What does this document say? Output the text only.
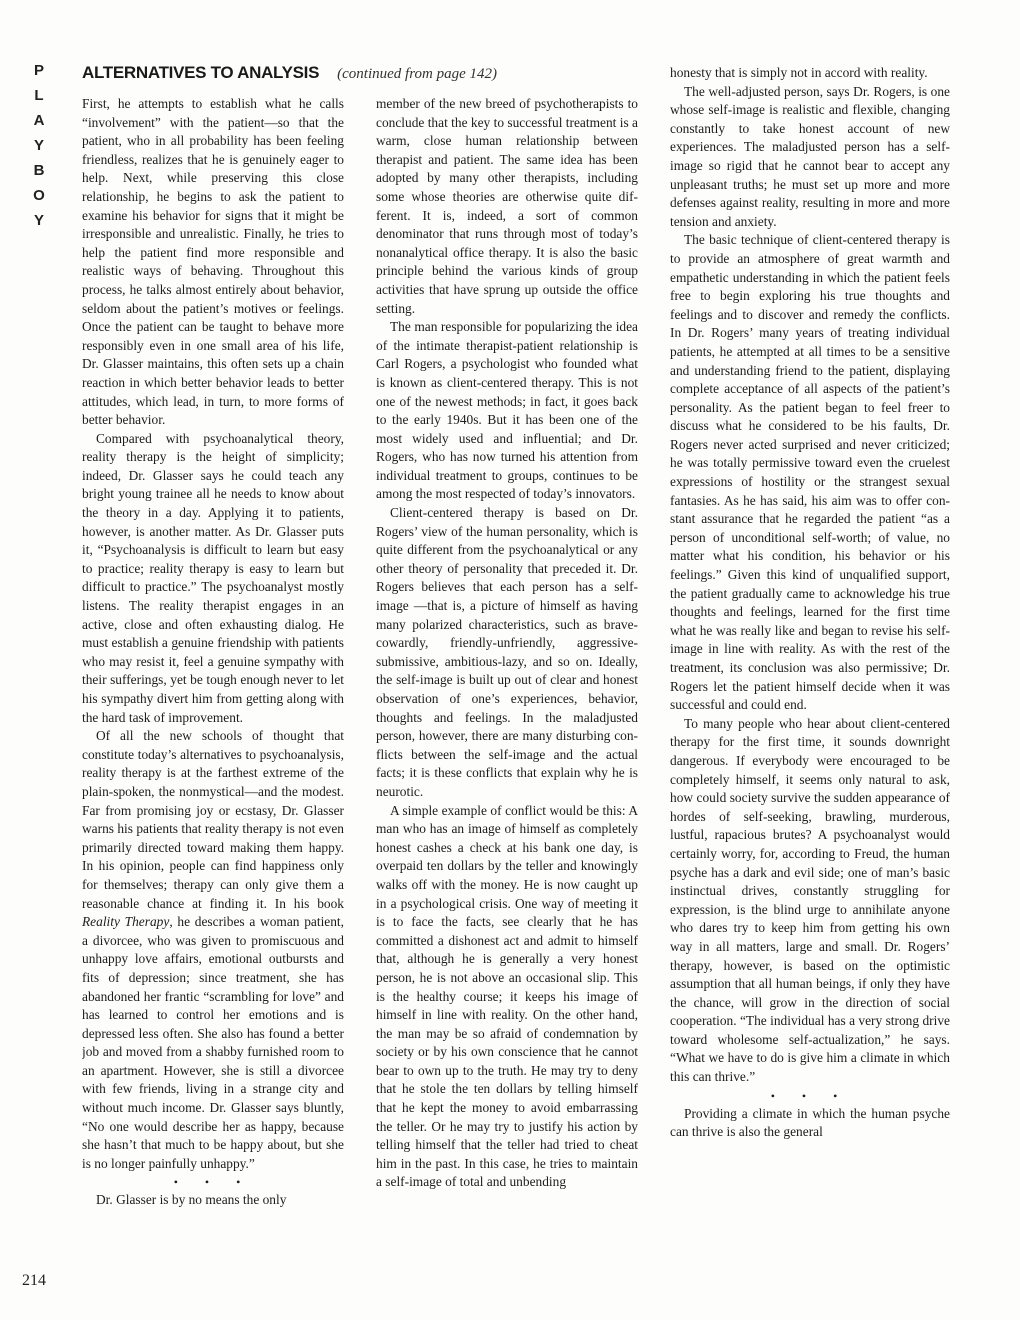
P
L
A
Y
B
O
Y
ALTERNATIVES TO ANALYSIS (continued from page 142)

First, he attempts to establish what he calls “involvement” with the patient—so that the patient, who in all probability has been feeling friendless, realizes that he is genuinely eager to help. Next, while preserving this close relationship, he begins to ask the patient to examine his behavior for signs that it might be irresponsible and unrealistic. Finally, he tries to help the patient find more responsible and realistic ways of behaving. Throughout this process, he talks almost entirely about behavior, seldom about the patient’s motives or feelings. Once the patient can be taught to behave more responsibly even in one small area of his life, Dr. Glasser maintains, this often sets up a chain reaction in which better behavior leads to better attitudes, which lead, in turn, to more forms of better behavior.

Compared with psychoanalytical theory, reality therapy is the height of simplicity; indeed, Dr. Glasser says he could teach any bright young trainee all he needs to know about the theory in a day. Applying it to patients, however, is another matter. As Dr. Glasser puts it, “Psychoanalysis is difficult to learn but easy to practice; reality therapy is easy to learn but difficult to practice.” The psychoanalyst mostly listens. The reality therapist engages in an active, close and often exhausting dialog. He must establish a genuine friendship with patients who may resist it, feel a genuine sympathy with their sufferings, yet be tough enough never to let his sympathy divert him from getting along with the hard task of improvement.

Of all the new schools of thought that constitute today’s alternatives to psychoanalysis, reality therapy is at the farthest extreme of the plain-spoken, the nonmystical—and the modest. Far from promising joy or ecstasy, Dr. Glasser warns his patients that reality therapy is not even primarily directed toward making them happy. In his opinion, people can find happiness only for themselves; therapy can only give them a reasonable chance at finding it. In his book Reality Therapy, he describes a woman patient, a divorcee, who was given to promiscuous and unhappy love affairs, emotional outbursts and fits of depression; since treatment, she has abandoned her frantic “scrambling for love” and has learned to control her emotions and is depressed less often. She also has found a better job and moved from a shabby furnished room to an apartment. However, she is still a divorcee with few friends, living in a strange city and without much income. Dr. Glasser says bluntly, “No one would describe her as happy, because she hasn’t that much to be happy about, but she is no longer painfully unhappy.”

• • •

Dr. Glasser is by no means the only

member of the new breed of psychotherapists to conclude that the key to successful treatment is a warm, close human relationship between therapist and patient. The same idea has been adopted by many other therapists, including some whose theories are otherwise quite different. It is, indeed, a sort of common denominator that runs through most of today’s nonanalytical office therapy. It is also the basic principle behind the various kinds of group activities that have sprung up outside the office setting.

The man responsible for popularizing the idea of the intimate therapist-patient relationship is Carl Rogers, a psychologist who founded what is known as client-centered therapy. This is not one of the newest methods; in fact, it goes back to the early 1940s. But it has been one of the most widely used and influential; and Dr. Rogers, who has now turned his attention from individual treatment to groups, continues to be among the most respected of today’s innovators.

Client-centered therapy is based on Dr. Rogers’ view of the human personality, which is quite different from the psychoanalytical or any other theory of personality that preceded it. Dr. Rogers believes that each person has a self-image —that is, a picture of himself as having many polarized characteristics, such as brave-cowardly, friendly-unfriendly, aggressive-submissive, ambitious-lazy, and so on. Ideally, the self-image is built up out of clear and honest observation of one’s experiences, behavior, thoughts and feelings. In the maladjusted person, however, there are many disturbing conflicts between the self-image and the actual facts; it is these conflicts that explain why he is neurotic.

A simple example of conflict would be this: A man who has an image of himself as completely honest cashes a check at his bank one day, is overpaid ten dollars by the teller and knowingly walks off with the money. He is now caught up in a psychological crisis. One way of meeting it is to face the facts, see clearly that he has committed a dishonest act and admit to himself that, although he is generally a very honest person, he is not above an occasional slip. This is the healthy course; it keeps his image of himself in line with reality. On the other hand, the man may be so afraid of condemnation by society or by his own conscience that he cannot bear to own up to the truth. He may try to deny that he stole the ten dollars by telling himself that he kept the money to avoid embarrassing the teller. Or he may try to justify his action by telling himself that the teller had tried to cheat him in the past. In this case, he tries to maintain a self-image of total and unbending

honesty that is simply not in accord with reality.

The well-adjusted person, says Dr. Rogers, is one whose self-image is realistic and flexible, changing constantly to take honest account of new experiences. The maladjusted person has a self-image so rigid that he cannot bear to accept any unpleasant truths; he must set up more and more defenses against reality, resulting in more and more tension and anxiety.

The basic technique of client-centered therapy is to provide an atmosphere of great warmth and empathetic understanding in which the patient feels free to begin exploring his true thoughts and feelings and to discover and remedy the conflicts. In Dr. Rogers’ many years of treating individual patients, he attempted at all times to be a sensitive and understanding friend to the patient, displaying complete acceptance of all aspects of the patient’s personality. As the patient began to feel freer to discuss what he considered to be his faults, Dr. Rogers never acted surprised and never criticized; he was totally permissive toward even the cruelest expressions of hostility or the strangest sexual fantasies. As he has said, his aim was to offer constant assurance that he regarded the patient “as a person of unconditional self-worth; of value, no matter what his condition, his behavior or his feelings.” Given this kind of unqualified support, the patient gradually came to acknowledge his true thoughts and feelings, learned for the first time what he was really like and began to revise his self-image in line with reality. As with the rest of the treatment, its conclusion was also permissive; Dr. Rogers let the patient himself decide when it was successful and could end.

To many people who hear about client-centered therapy for the first time, it sounds downright dangerous. If everybody were encouraged to be completely himself, it seems only natural to ask, how could society survive the sudden appearance of hordes of self-seeking, brawling, murderous, lustful, rapacious brutes? A psychoanalyst would certainly worry, for, according to Freud, the human psyche has a dark and evil side; one of man’s basic instinctual drives, constantly struggling for expression, is the blind urge to annihilate anyone who dares try to keep him from getting his own way in all matters, large and small. Dr. Rogers’ therapy, however, is based on the optimistic assumption that all human beings, if only they have the chance, will grow in the direction of social cooperation. “The individual has a very strong drive toward wholesome self-actualization,” he says. “What we have to do is give him a climate in which this can thrive.”

• • •

Providing a climate in which the human psyche can thrive is also the general

214
